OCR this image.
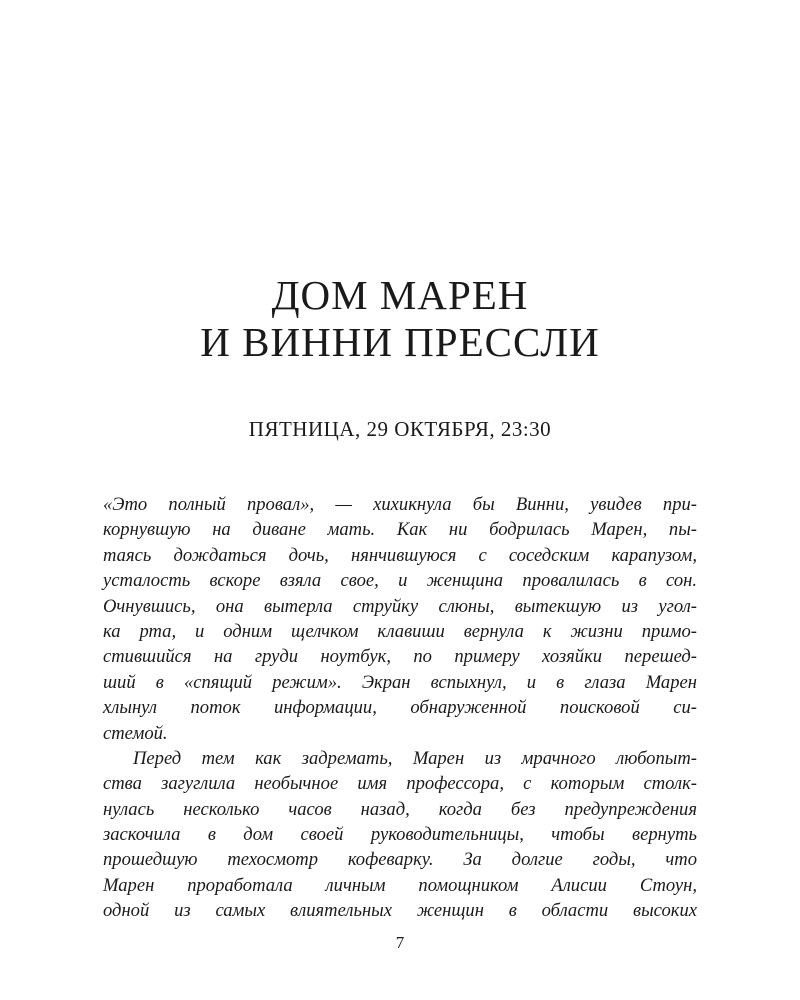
ДОМ МАРЕН
И ВИННИ ПРЕССЛИ
ПЯТНИЦА, 29 ОКТЯБРЯ, 23:30
«Это полный провал», — хихикнула бы Винни, увидев при-
корнувшую на диване мать. Как ни бодрилась Марен, пы-
таясь дождаться дочь, нянчившуюся с соседским карапузом,
усталость вскоре взяла свое, и женщина провалилась в сон.
Очнувшись, она вытерла струйку слюны, вытекшую из угол-
ка рта, и одним щелчком клавиши вернула к жизни примо-
стившийся на груди ноутбук, по примеру хозяйки перешед-
ший в «спящий режим». Экран вспыхнул, и в глаза Марен
хлынул поток информации, обнаруженной поисковой си-
стемой.
Перед тем как задремать, Марен из мрачного любопыт-
ства загуглила необычное имя профессора, с которым столк-
нулась несколько часов назад, когда без предупреждения
заскочила в дом своей руководительницы, чтобы вернуть
прошедшую техосмотр кофеварку. За долгие годы, что
Марен проработала личным помощником Алисии Стоун,
одной из самых влиятельных женщин в области высоких
7
